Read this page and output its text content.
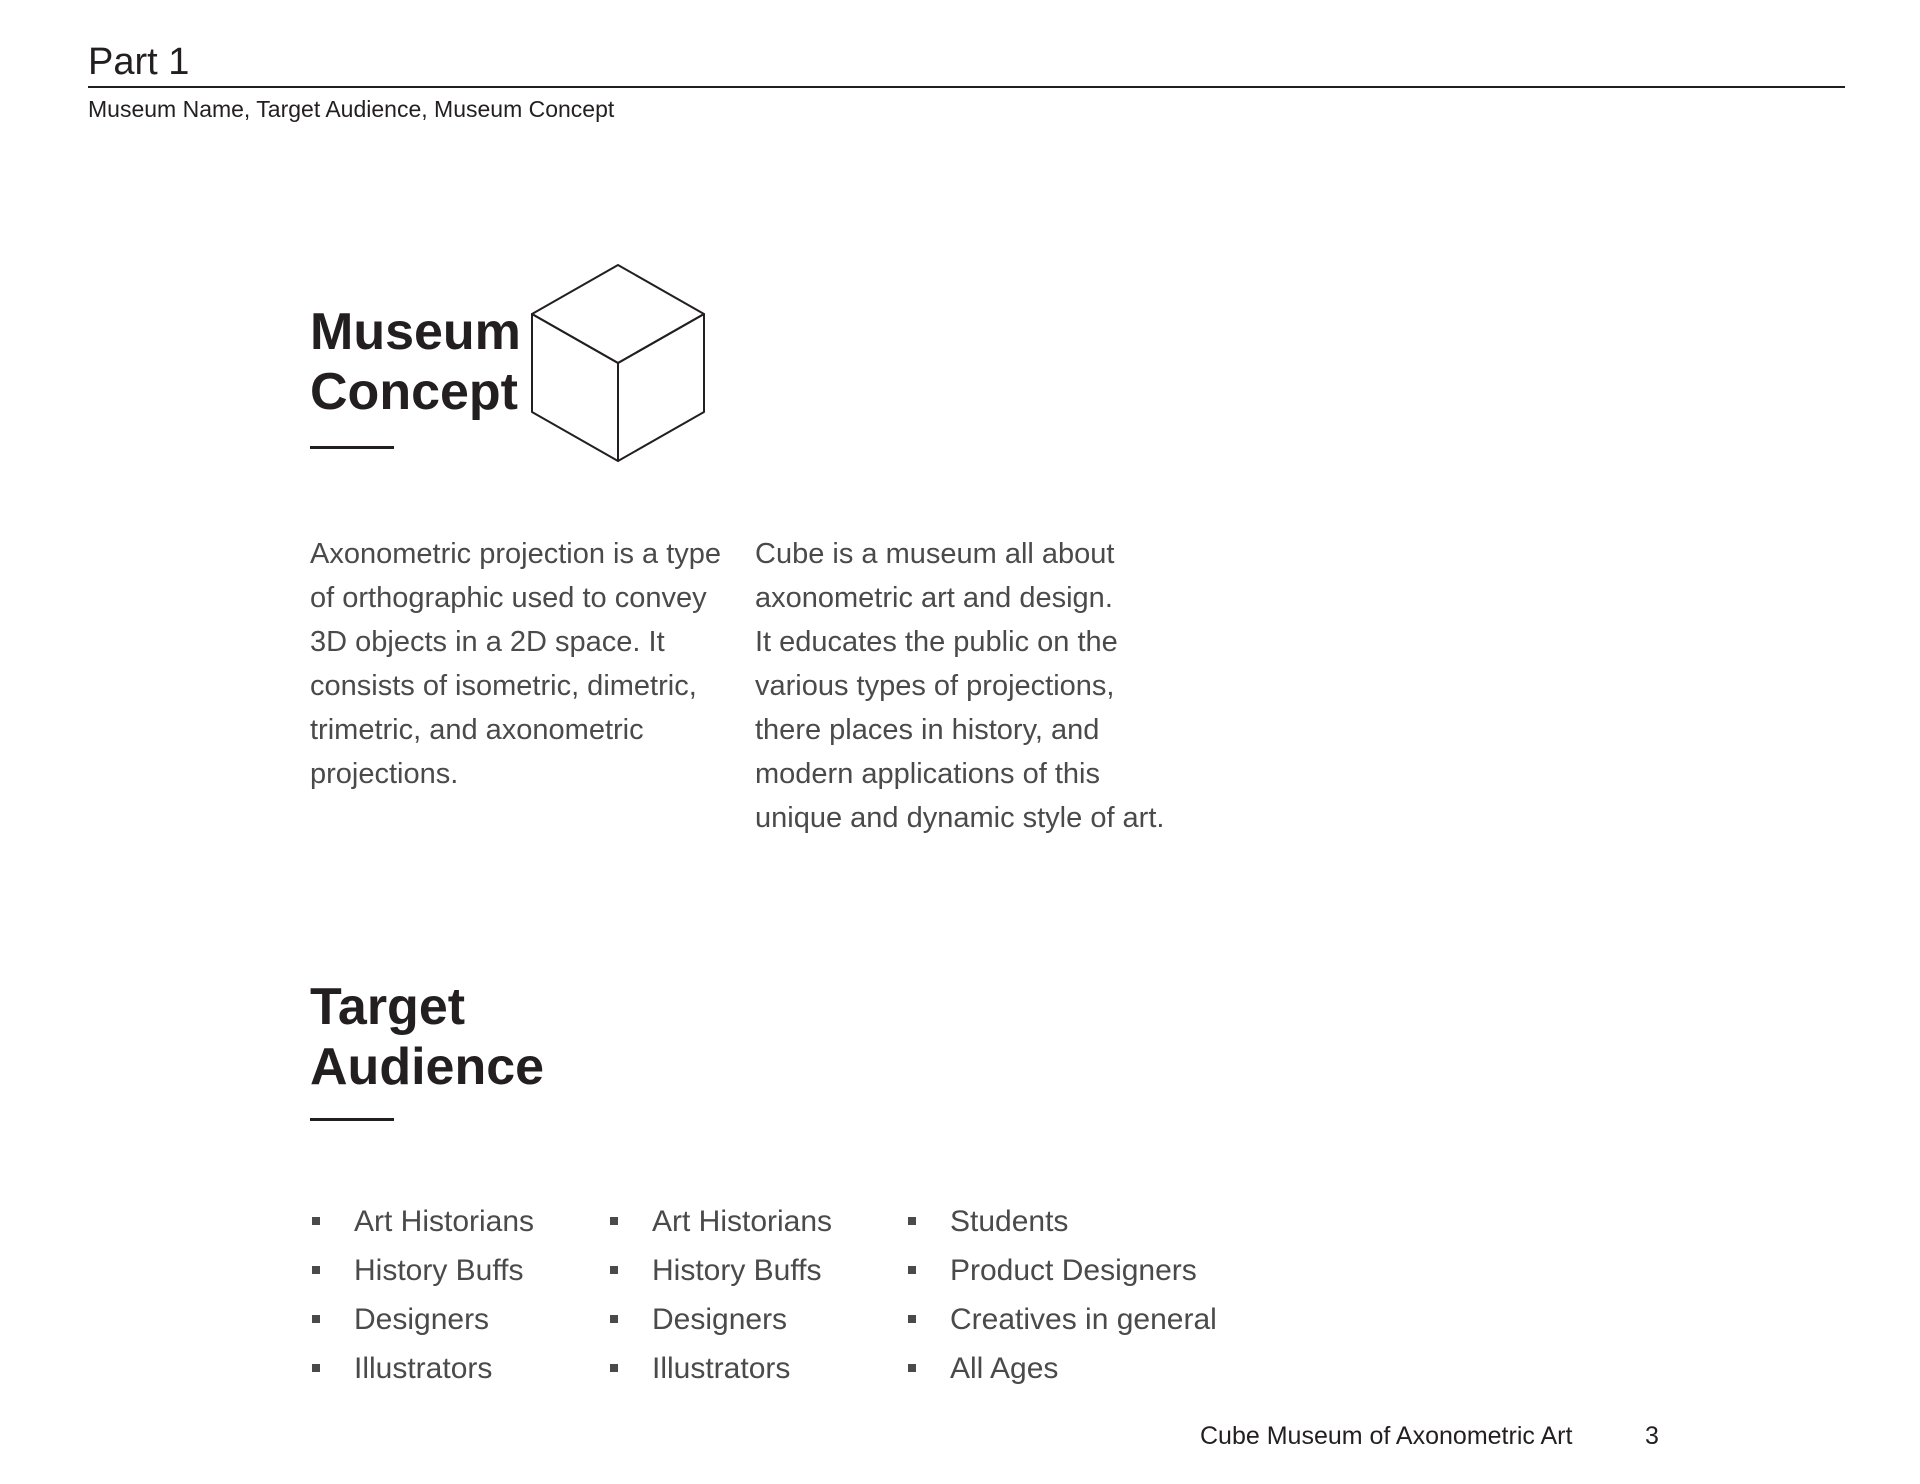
Part 1
Museum Name, Target Audience, Museum Concept
Museum
Concept

Axonometric projection is a type
of orthographic used to convey
3D objects in a 2D space. It
consists of isometric, dimetric,
trimetric, and axonometric
projections.

Cube is a museum all about
axonometric art and design.
It educates the public on the
various types of projections,
there places in history, and
modern applications of this
unique and dynamic style of art.

Target
Audience
Art Historians
History Buffs
Designers
Illustrators
Art Historians
History Buffs
Designers
Illustrators
Students
Product Designers
Creatives in general
All Ages
Cube Museum of Axonometric Art	3
